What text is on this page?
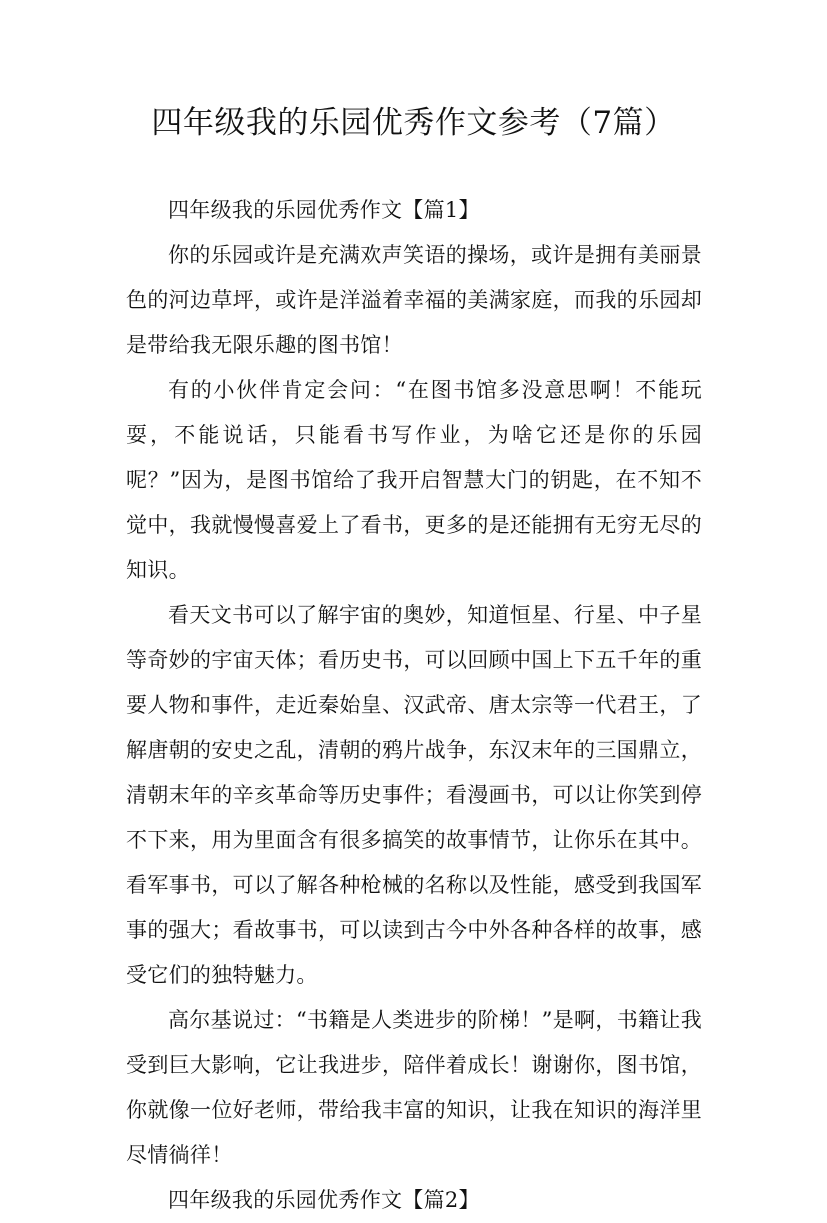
四年级我的乐园优秀作文参考（7篇）

四年级我的乐园优秀作文【篇1】

你的乐园或许是充满欢声笑语的操场，或许是拥有美丽景色的河边草坪，或许是洋溢着幸福的美满家庭，而我的乐园却是带给我无限乐趣的图书馆！

有的小伙伴肯定会问：“在图书馆多没意思啊！不能玩耍，不能说话，只能看书写作业，为啥它还是你的乐园呢？”因为，是图书馆给了我开启智慧大门的钥匙，在不知不觉中，我就慢慢喜爱上了看书，更多的是还能拥有无穷无尽的知识。

看天文书可以了解宇宙的奥妙，知道恒星、行星、中子星等奇妙的宇宙天体；看历史书，可以回顾中国上下五千年的重要人物和事件，走近秦始皇、汉武帝、唐太宗等一代君王，了解唐朝的安史之乱，清朝的鸦片战争，东汉末年的三国鼎立，清朝末年的辛亥革命等历史事件；看漫画书，可以让你笑到停不下来，用为里面含有很多搞笑的故事情节，让你乐在其中。看军事书，可以了解各种枪械的名称以及性能，感受到我国军事的强大；看故事书，可以读到古今中外各种各样的故事，感受它们的独特魅力。

高尔基说过：“书籍是人类进步的阶梯！”是啊，书籍让我受到巨大影响，它让我进步，陪伴着成长！谢谢你，图书馆，你就像一位好老师，带给我丰富的知识，让我在知识的海洋里尽情徜徉！

四年级我的乐园优秀作文【篇2】
